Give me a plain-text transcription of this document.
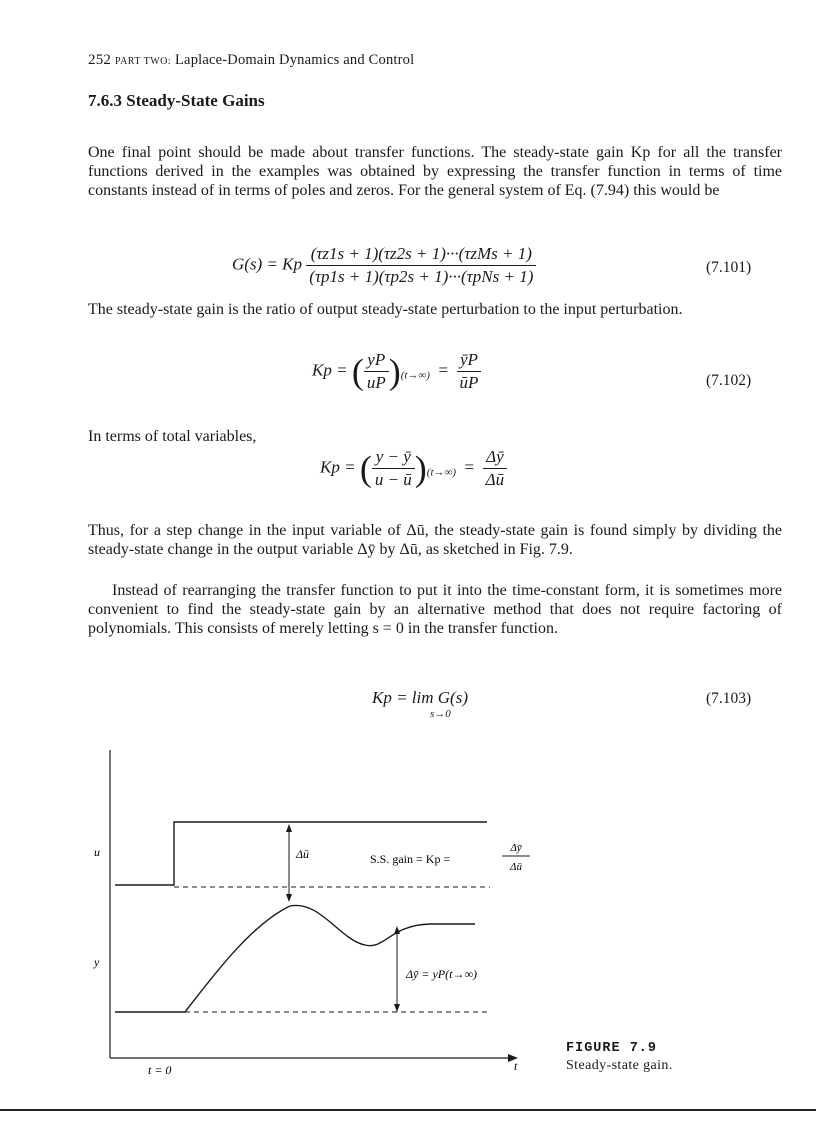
252 PART TWO: Laplace-Domain Dynamics and Control
7.6.3 Steady-State Gains
One final point should be made about transfer functions. The steady-state gain Kp for all the transfer functions derived in the examples was obtained by expressing the transfer function in terms of time constants instead of in terms of poles and zeros. For the general system of Eq. (7.94) this would be
G(s) = Kp $\frac{\text{(τz1s + 1)(τz2s + 1)···(τzMs + 1)}}{\text{(τp1s + 1)(τp2s + 1)···(τpNs + 1)}}$	(7.101)
The steady-state gain is the ratio of output steady-state perturbation to the input perturbation.
Kp = ( $\frac{yP}{uP} )_{(t\to\infty)} = \frac{ȳP}{ūP}$	(7.102)
In terms of total variables,
Kp = ( $\frac{y - ȳ}{u - ū} )_{(t\to\infty)} = \frac{\Delta ȳ}{\Delta ū}$
Thus, for a step change in the input variable of Δū, the steady-state gain is found simply by dividing the steady-state change in the output variable Δȳ by Δū, as sketched in Fig. 7.9.
Instead of rearranging the transfer function to put it into the time-constant form, it is sometimes more convenient to find the steady-state gain by an alternative method that does not require factoring of polynomials. This consists of merely letting s = 0 in the transfer function.
Kp = lim G(s)
s→0
(7.103)
Δū	S.S. gain = Kp =
Δȳ
Δū
Δȳ = yP(t→∞)
u
y
t
t = 0
FIGURE 7.9
Steady-state gain.
